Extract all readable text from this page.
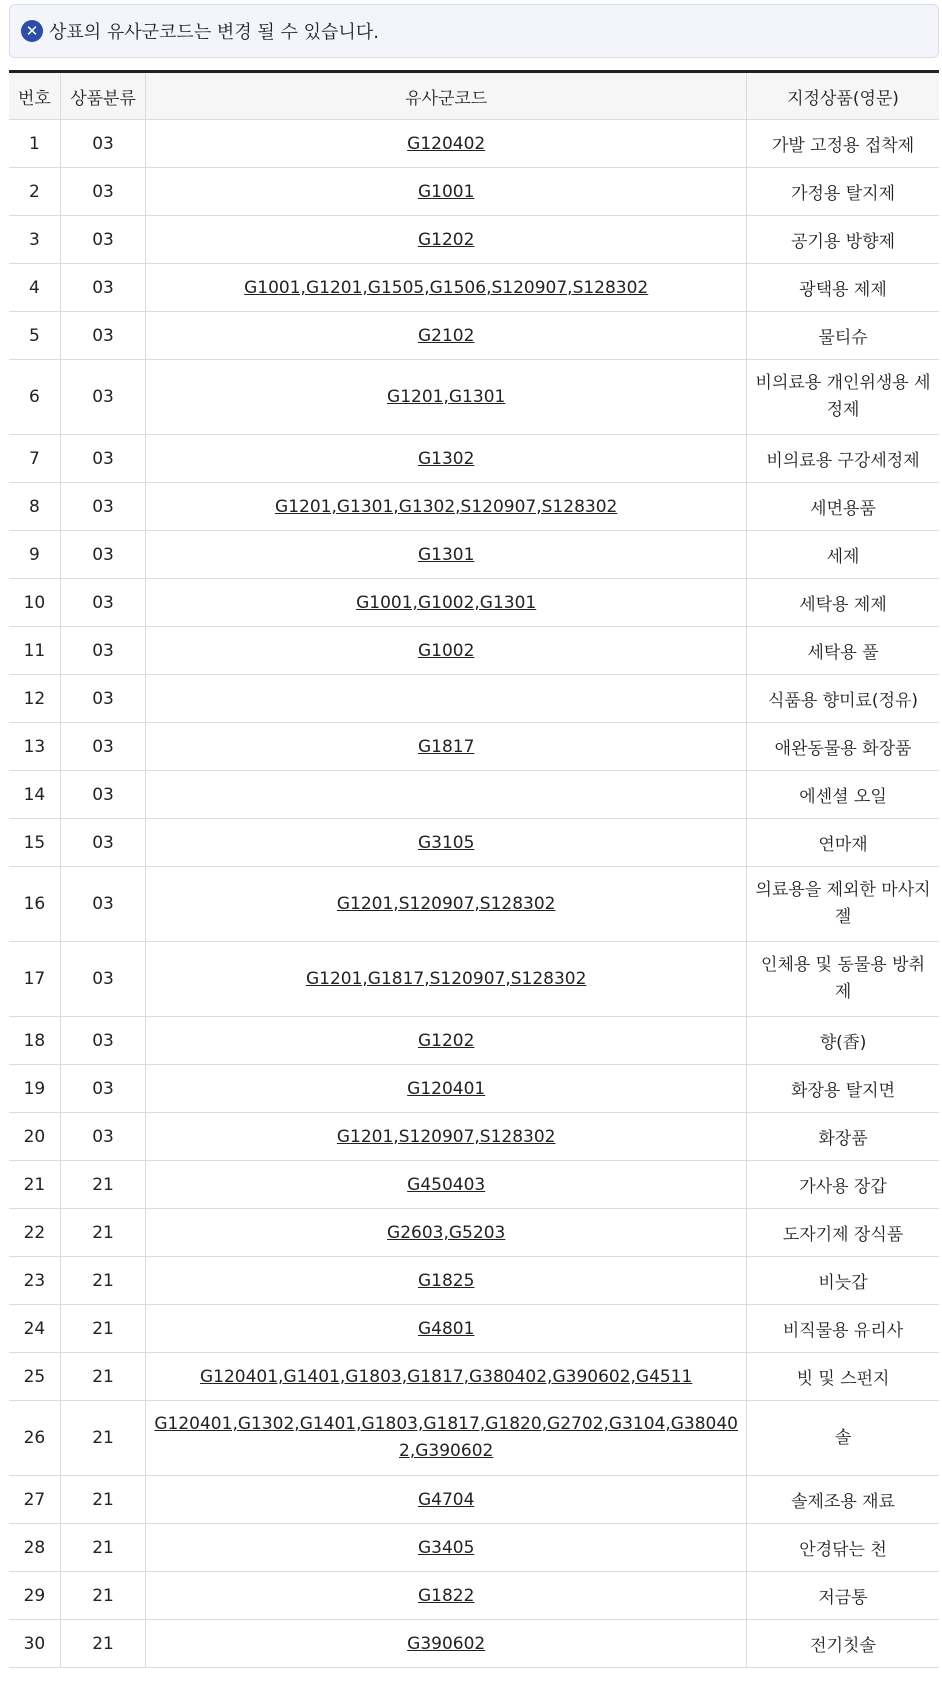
✕ 상표의 유사군코드는 변경 될 수 있습니다.
번호	상품분류	유사군코드	지정상품(영문)
1	03	G120402	가발 고정용 접착제
2	03	G1001	가정용 탈지제
3	03	G1202	공기용 방향제
4	03	G1001,G1201,G1505,G1506,S120907,S128302	광택용 제제
5	03	G2102	물티슈
6	03	G1201,G1301	비의료용 개인위생용 세정제
7	03	G1302	비의료용 구강세정제
8	03	G1201,G1301,G1302,S120907,S128302	세면용품
9	03	G1301	세제
10	03	G1001,G1002,G1301	세탁용 제제
11	03	G1002	세탁용 풀
12	03		식품용 향미료(정유)
13	03	G1817	애완동물용 화장품
14	03		에센셜 오일
15	03	G3105	연마재
16	03	G1201,S120907,S128302	의료용을 제외한 마사지 젤
17	03	G1201,G1817,S120907,S128302	인체용 및 동물용 방취제
18	03	G1202	향(香)
19	03	G120401	화장용 탈지면
20	03	G1201,S120907,S128302	화장품
21	21	G450403	가사용 장갑
22	21	G2603,G5203	도자기제 장식품
23	21	G1825	비늣갑
24	21	G4801	비직물용 유리사
25	21	G120401,G1401,G1803,G1817,G380402,G390602,G4511	빗 및 스펀지
26	21	G120401,G1302,G1401,G1803,G1817,G1820,G2702,G3104,G380402,G390602	솔
27	21	G4704	솔제조용 재료
28	21	G3405	안경닦는 천
29	21	G1822	저금통
30	21	G390602	전기칫솔
